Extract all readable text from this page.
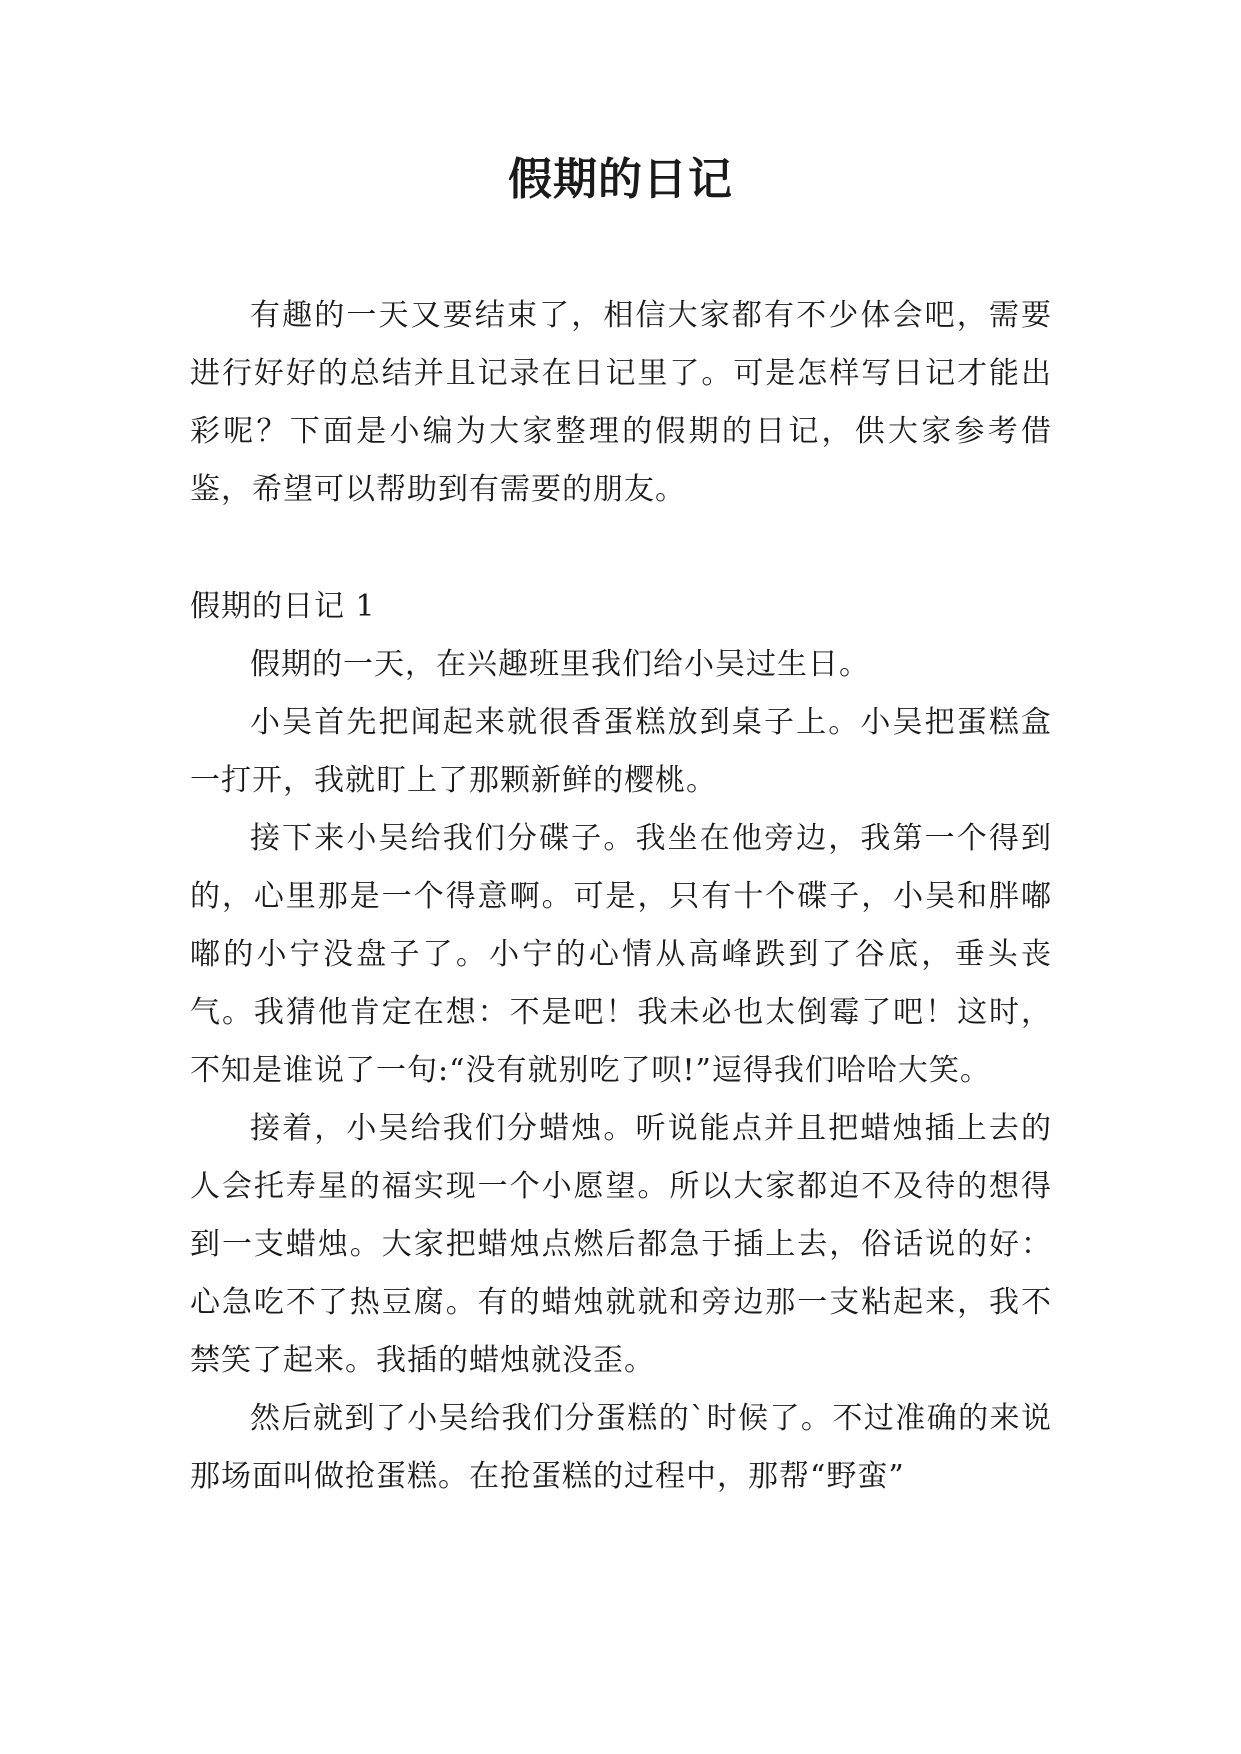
假期的日记

有趣的一天又要结束了，相信大家都有不少体会吧，需要进行好好的总结并且记录在日记里了。可是怎样写日记才能出彩呢？下面是小编为大家整理的假期的日记，供大家参考借鉴，希望可以帮助到有需要的朋友。

假期的日记 1

假期的一天，在兴趣班里我们给小吴过生日。

小吴首先把闻起来就很香蛋糕放到桌子上。小吴把蛋糕盒一打开，我就盯上了那颗新鲜的樱桃。

接下来小吴给我们分碟子。我坐在他旁边，我第一个得到的，心里那是一个得意啊。可是，只有十个碟子，小吴和胖嘟嘟的小宁没盘子了。小宁的心情从高峰跌到了谷底，垂头丧气。我猜他肯定在想：不是吧！我未必也太倒霉了吧！这时，不知是谁说了一句:“没有就别吃了呗!”逗得我们哈哈大笑。

接着，小吴给我们分蜡烛。听说能点并且把蜡烛插上去的人会托寿星的福实现一个小愿望。所以大家都迫不及待的想得到一支蜡烛。大家把蜡烛点燃后都急于插上去，俗话说的好：心急吃不了热豆腐。有的蜡烛就就和旁边那一支粘起来，我不禁笑了起来。我插的蜡烛就没歪。

然后就到了小吴给我们分蛋糕的`时候了。不过准确的来说那场面叫做抢蛋糕。在抢蛋糕的过程中，那帮“野蛮”
